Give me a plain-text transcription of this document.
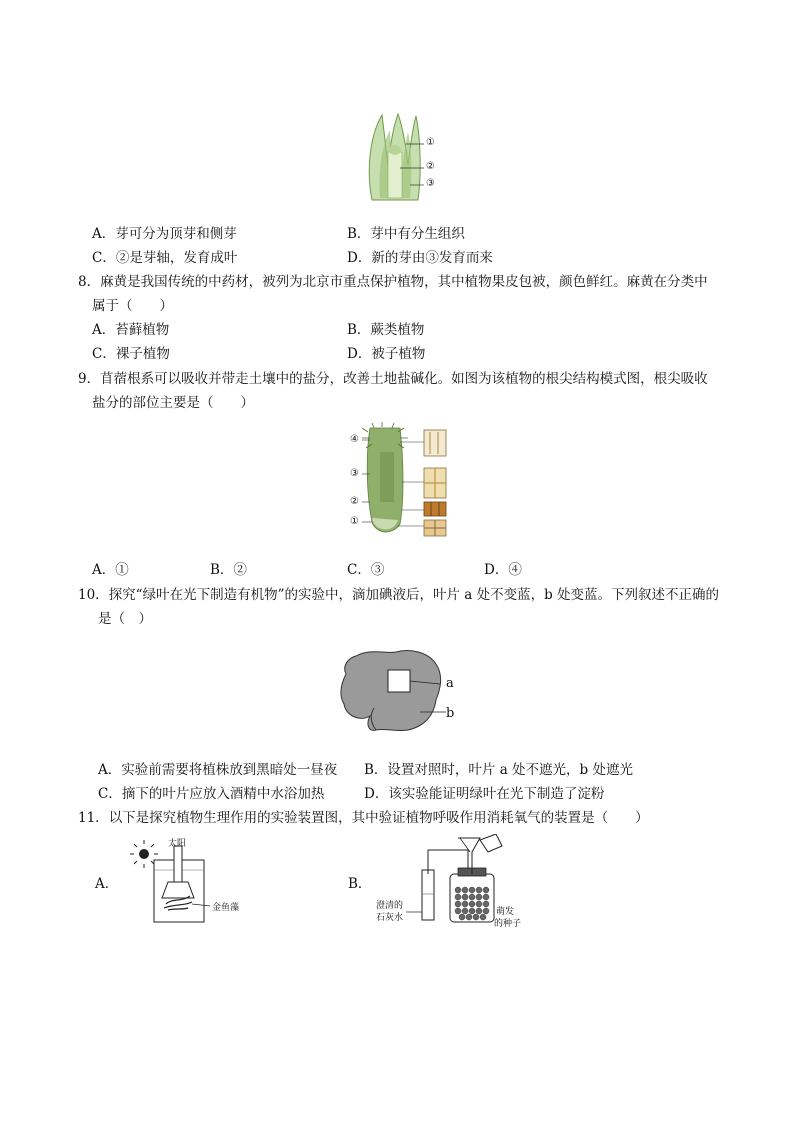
①
②
③
A．芽可分为顶芽和侧芽	B．芽中有分生组织
C．②是芽轴，发育成叶	D．新的芽由③发育而来
8．麻黄是我国传统的中药材，被列为北京市重点保护植物，其中植物果皮包被，颜色鲜红。麻黄在分类中
属于（　　）
A．苔藓植物	B．蕨类植物
C．裸子植物	D．被子植物
9．苜蓿根系可以吸收并带走土壤中的盐分，改善土地盐碱化。如图为该植物的根尖结构模式图，根尖吸收
盐分的部位主要是（　　）
④
③
②
①
A．①	B．②	C．③	D．④
10．探究“绿叶在光下制造有机物”的实验中，滴加碘液后，叶片 a 处不变蓝，b 处变蓝。下列叙述不正确的
是（　）
a
b
A．实验前需要将植株放到黑暗处一昼夜 B．设置对照时，叶片 a 处不遮光，b 处遮光
C．摘下的叶片应放入酒精中水浴加热	D．该实验能证明绿叶在光下制造了淀粉
11．以下是探究植物生理作用的实验装置图，其中验证植物呼吸作用消耗氧气的装置是（　　）
A．
太阳
金鱼藻
B．
澄清的
石灰水
萌发
的种子
